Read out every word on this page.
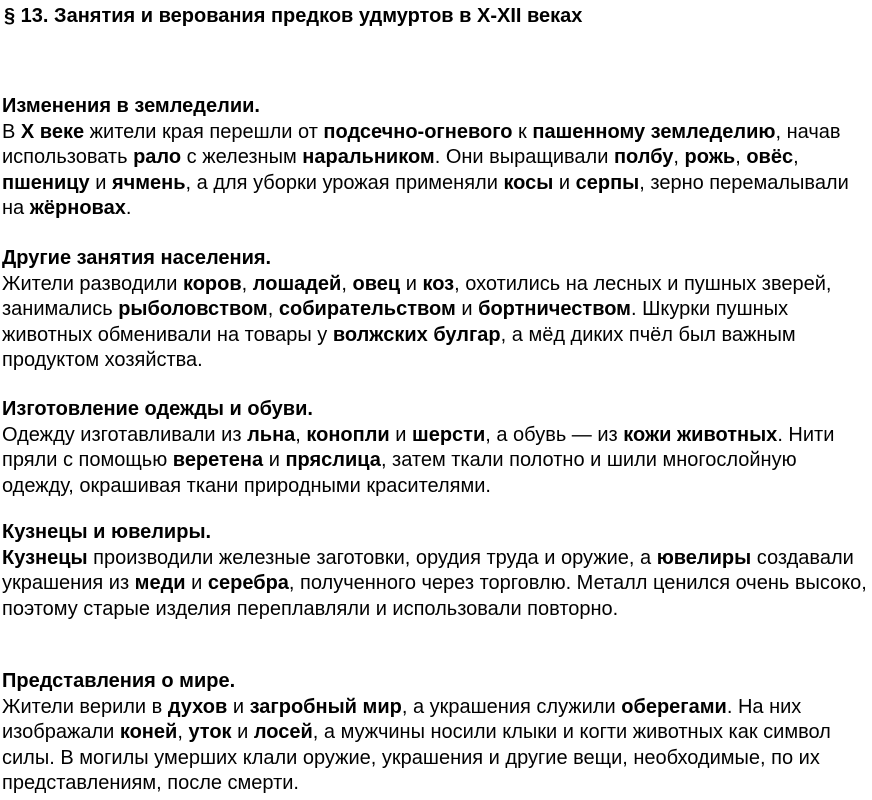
§ 13. Занятия и верования предков удмуртов в X-XII веках
Изменения в земледелии.

В X веке жители края перешли от подсечно-огневого к пашенному земледелию, начав использовать рало с железным наральником. Они выращивали полбу, рожь, овёс, пшеницу и ячмень, а для уборки урожая применяли косы и серпы, зерно перемалывали на жёрновах.

Другие занятия населения.

Жители разводили коров, лошадей, овец и коз, охотились на лесных и пушных зверей, занимались рыболовством, собирательством и бортничеством. Шкурки пушных животных обменивали на товары у волжских булгар, а мёд диких пчёл был важным продуктом хозяйства.

Изготовление одежды и обуви.

Одежду изготавливали из льна, конопли и шерсти, а обувь — из кожи животных. Нити пряли с помощью веретена и пряслица, затем ткали полотно и шили многослойную одежду, окрашивая ткани природными красителями.

Кузнецы и ювелиры.

Кузнецы производили железные заготовки, орудия труда и оружие, а ювелиры создавали украшения из меди и серебра, полученного через торговлю. Металл ценился очень высоко, поэтому старые изделия переплавляли и использовали повторно.

Представления о мире.

Жители верили в духов и загробный мир, а украшения служили оберегами. На них изображали коней, уток и лосей, а мужчины носили клыки и когти животных как символ силы. В могилы умерших клали оружие, украшения и другие вещи, необходимые, по их представлениям, после смерти.
